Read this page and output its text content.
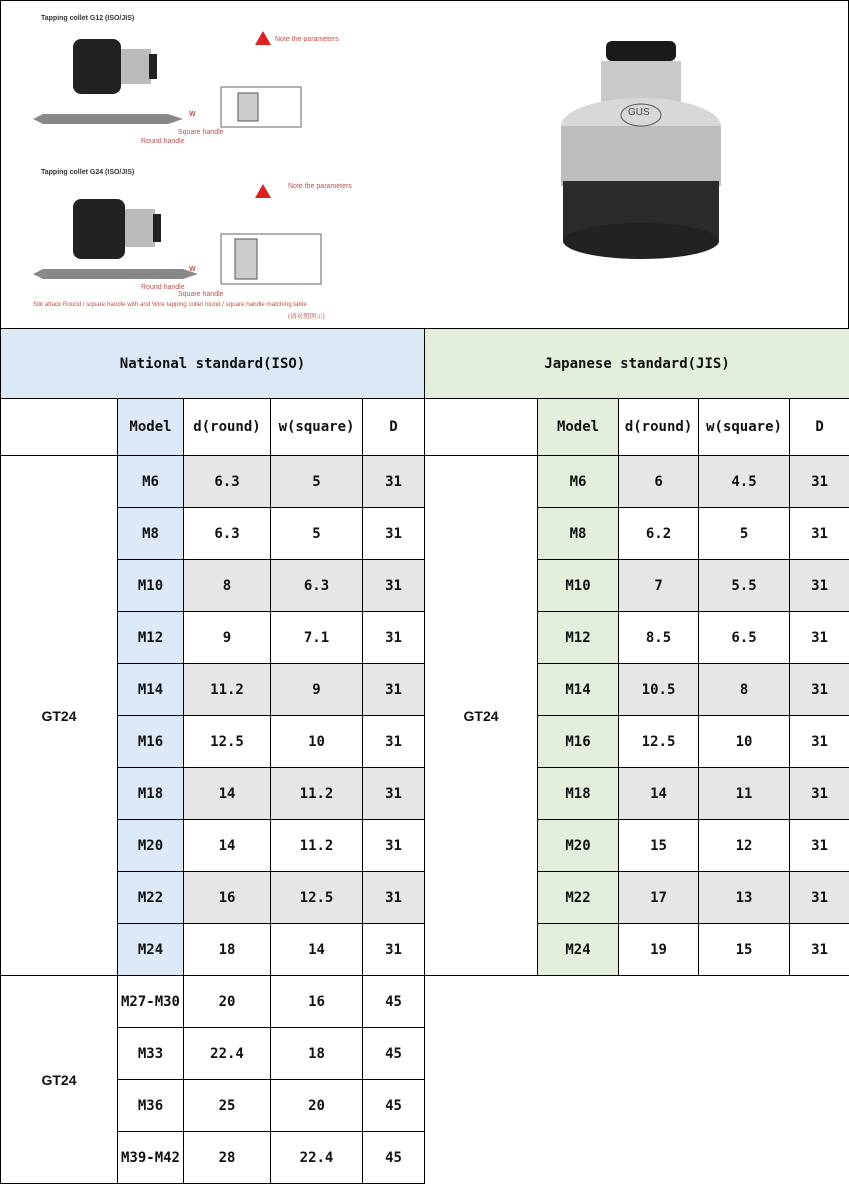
Tapping collet G12 (ISO/JIS)
Note the parameters
Square handle
Round handle
W
Tapping collet G24 (ISO/JIS)
Note the parameters
W
Round handle
Square handle
Silk attack Round / square handle with and Wire tapping collet round / square handle matching table
(请对照图示)
GUS
National standard(ISO)					Japanese standard(JIS)				
	Model	d(round)	w(square)	D		Model	d(round)	w(square)	D
GT24	M6	6.3	5	31	GT24	M6	6	4.5	31
	M8	6.3	5	31		M8	6.2	5	31
	M10	8	6.3	31		M10	7	5.5	31
	M12	9	7.1	31		M12	8.5	6.5	31
	M14	11.2	9	31		M14	10.5	8	31
	M16	12.5	10	31		M16	12.5	10	31
	M18	14	11.2	31		M18	14	11	31
	M20	14	11.2	31		M20	15	12	31
	M22	16	12.5	31		M22	17	13	31
	M24	18	14	31		M24	19	15	31
GT24	M27-M30	20	16	45					
	M33	22.4	18	45					
	M36	25	20	45					
	M39-M42	28	22.4	45					
